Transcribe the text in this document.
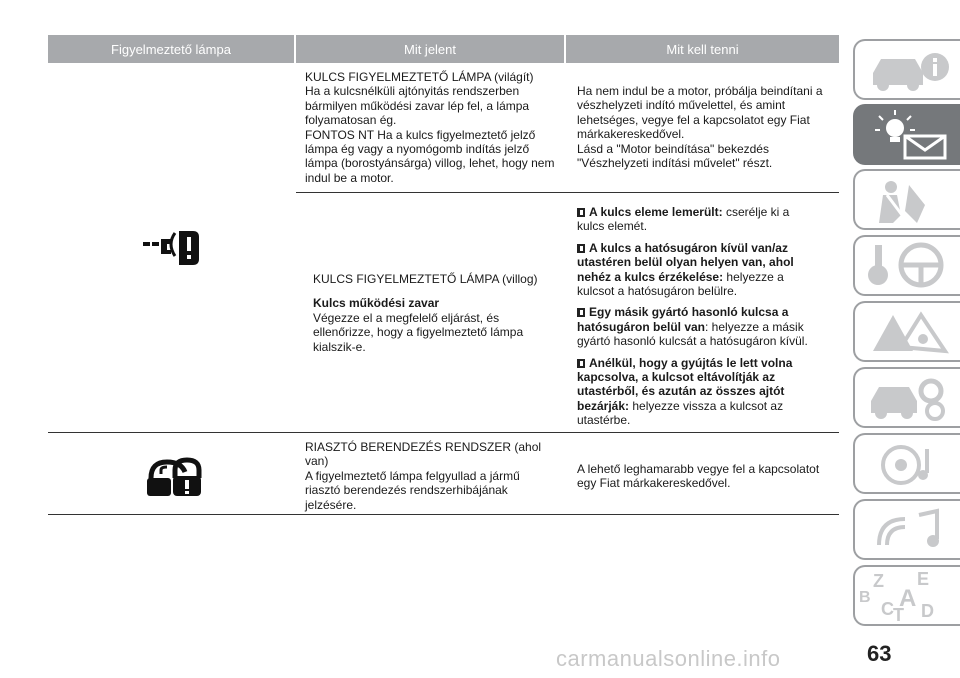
Figyelmeztető lámpa	Mit jelent	Mit kell tenni
KULCS FIGYELMEZTETŐ LÁMPA (világít)
Ha a kulcsnélküli ajtónyitás rendszerben
bármilyen működési zavar lép fel, a lámpa
folyamatosan ég.
FONTOS NT Ha a kulcs figyelmeztető jelző
lámpa ég vagy a nyomógomb indítás jelző
lámpa (borostyánsárga) villog, lehet, hogy nem
indul be a motor.
Ha nem indul be a motor, próbálja beindítani a
vészhelyzeti indító művelettel, és amint
lehetséges, vegye fel a kapcsolatot egy Fiat
márkakereskedővel.
Lásd a "Motor beindítása" bekezdés
"Vészhelyzeti indítási művelet" részt.
KULCS FIGYELMEZTETŐ LÁMPA (villog)
Kulcs működési zavar
Végezze el a megfelelő eljárást, és
ellenőrizze, hogy a figyelmeztető lámpa
kialszik-e.
A kulcs eleme lemerült: cserélje ki a
kulcs elemét.
A kulcs a hatósugáron kívül van/az
utastéren belül olyan helyen van, ahol
nehéz a kulcs érzékelése: helyezze a
kulcsot a hatósugáron belülre.
Egy másik gyártó hasonló kulcsa a
hatósugáron belül van: helyezze a másik
gyártó hasonló kulcsát a hatósugáron kívül.
Anélkül, hogy a gyújtás le lett volna
kapcsolva, a kulcsot eltávolítják az
utastérből, és azután az összes ajtót
bezárják: helyezze vissza a kulcsot az
utastérbe.
RIASZTÓ BERENDEZÉS RENDSZER (ahol
van)
A figyelmeztető lámpa felgyullad a jármű
riasztó berendezés rendszerhibájának
jelzésére.
A lehető leghamarabb vegye fel a kapcsolatot
egy Fiat márkakereskedővel.
Z E
B A
C T D
63
carmanualsonline.info
